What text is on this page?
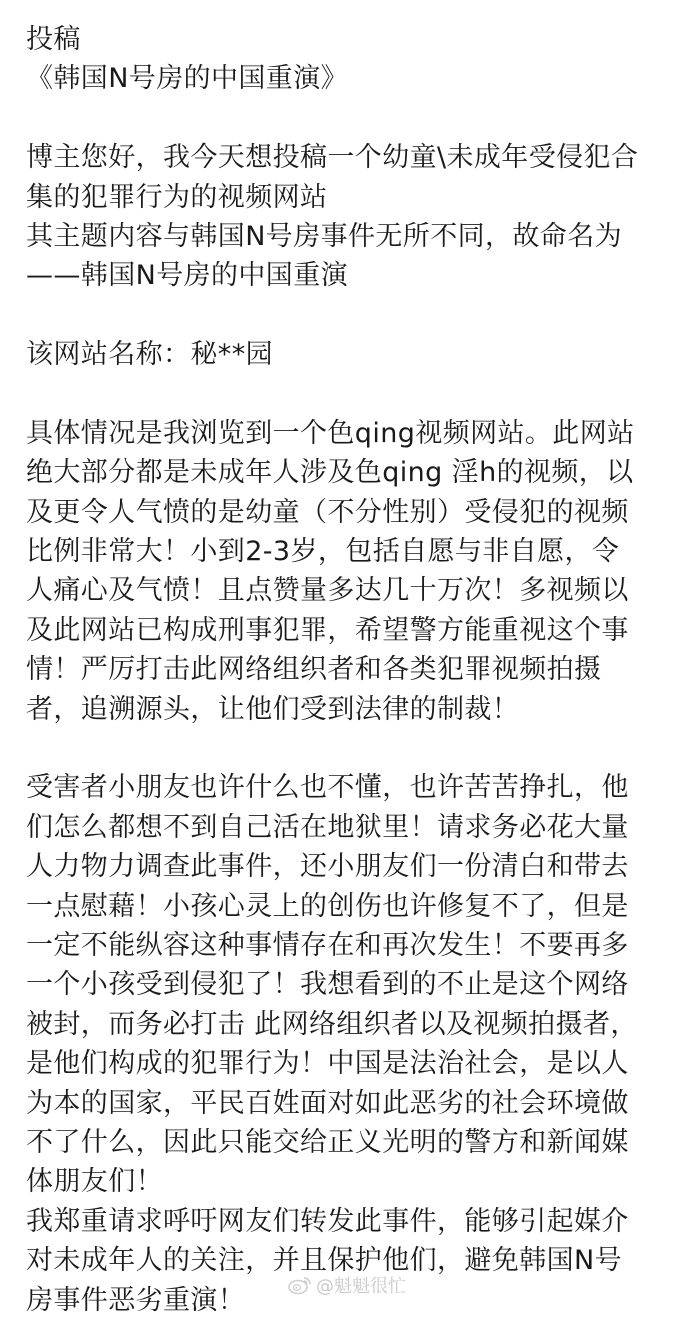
投稿
《韩国N号房的中国重演》
博主您好，我今天想投稿一个幼童\未成年受侵犯合
集的犯罪行为的视频网站
其主题内容与韩国N号房事件无所不同，故命名为
——韩国N号房的中国重演
该网站名称：秘**园
具体情况是我浏览到一个色qing视频网站。此网站
绝大部分都是未成年人涉及色qing 淫h的视频，以
及更令人气愤的是幼童（不分性别）受侵犯的视频
比例非常大！小到2-3岁，包括自愿与非自愿，令
人痛心及气愤！且点赞量多达几十万次！多视频以
及此网站已构成刑事犯罪，希望警方能重视这个事
情！严厉打击此网络组织者和各类犯罪视频拍摄
者，追溯源头，让他们受到法律的制裁！
受害者小朋友也许什么也不懂，也许苦苦挣扎，他
们怎么都想不到自己活在地狱里！请求务必花大量
人力物力调查此事件，还小朋友们一份清白和带去
一点慰藉！小孩心灵上的创伤也许修复不了，但是
一定不能纵容这种事情存在和再次发生！不要再多
一个小孩受到侵犯了！我想看到的不止是这个网络
被封，而务必打击 此网络组织者以及视频拍摄者，
是他们构成的犯罪行为！中国是法治社会，是以人
为本的国家，平民百姓面对如此恶劣的社会环境做
不了什么，因此只能交给正义光明的警方和新闻媒
体朋友们！
我郑重请求呼吁网友们转发此事件，能够引起媒介
对未成年人的关注，并且保护他们，避免韩国N号
房事件恶劣重演！	@魁魁很忙
